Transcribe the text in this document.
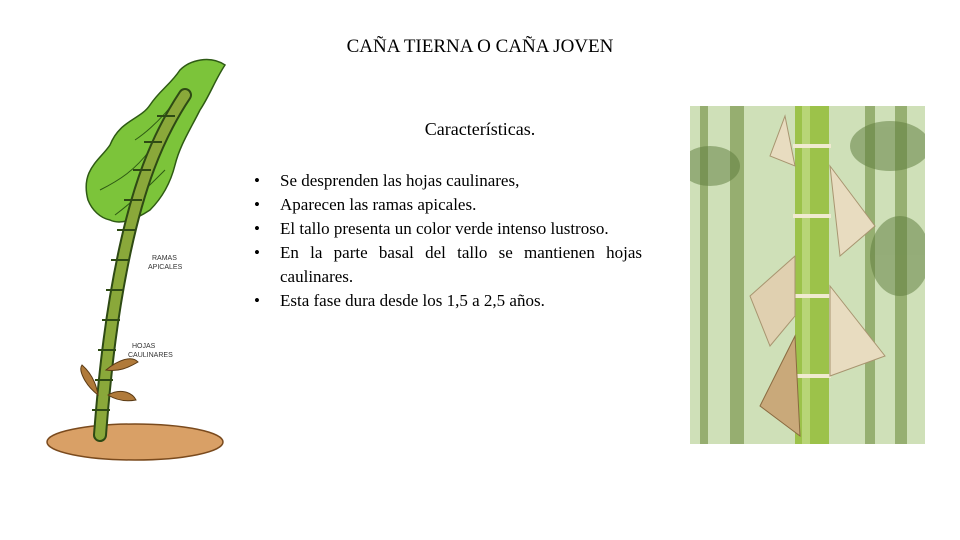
CAÑA TIERNA O CAÑA JOVEN
RAMAS
APICALES
HOJAS
CAULINARES
Características.
• Se desprenden las hojas caulinares,
• Aparecen las ramas apicales.
• El tallo presenta un color verde intenso lustroso.
• En la parte basal del tallo se mantienen hojas caulinares.
• Esta fase dura desde los 1,5 a 2,5 años.
